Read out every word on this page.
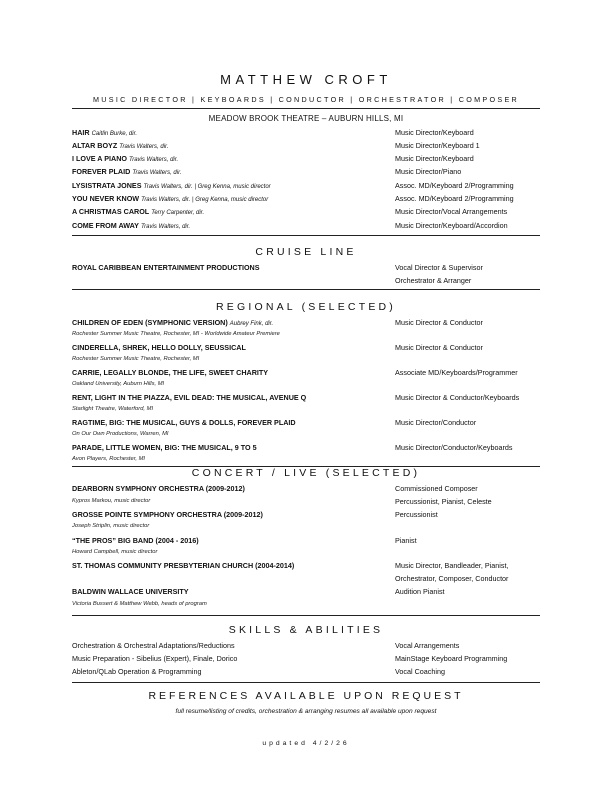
MATTHEW CROFT
MUSIC DIRECTOR | KEYBOARDS | CONDUCTOR | ORCHESTRATOR | COMPOSER
MEADOW BROOK THEATRE – AUBURN HILLS, MI
HAIR Caitlin Burke, dir.	Music Director/Keyboard
ALTAR BOYZ Travis Walters, dir.	Music Director/Keyboard 1
I LOVE A PIANO Travis Walters, dir.	Music Director/Keyboard
FOREVER PLAID Travis Walters, dir.	Music Director/Piano
LYSISTRATA JONES Travis Walters, dir. | Greg Kenna, music director	Assoc. MD/Keyboard 2/Programming
YOU NEVER KNOW Travis Walters, dir. | Greg Kenna, music director	Assoc. MD/Keyboard 2/Programming
A CHRISTMAS CAROL Terry Carpenter, dir.	Music Director/Vocal Arrangements
COME FROM AWAY Travis Walters, dir.	Music Director/Keyboard/Accordion
CRUISE LINE
ROYAL CARIBBEAN ENTERTAINMENT PRODUCTIONS	Vocal Director & Supervisor
Orchestrator & Arranger
REGIONAL (SELECTED)
CHILDREN OF EDEN (SYMPHONIC VERSION) Aubrey Fink, dir.	Music Director & Conductor
Rochester Summer Music Theatre, Rochester, MI - Worldwide Amateur Premiere
CINDERELLA, SHREK, HELLO DOLLY, SEUSSICAL	Music Director & Conductor
Rochester Summer Music Theatre, Rochester, MI
CARRIE, LEGALLY BLONDE, THE LIFE, SWEET CHARITY	Associate MD/Keyboards/Programmer
Oakland University, Auburn Hills, MI
RENT, LIGHT IN THE PIAZZA, EVIL DEAD: THE MUSICAL, AVENUE Q	Music Director & Conductor/Keyboards
Starlight Theatre, Waterford, MI
RAGTIME, BIG: THE MUSICAL, GUYS & DOLLS, FOREVER PLAID	Music Director/Conductor
On Our Own Productions, Warren, MI
PARADE, LITTLE WOMEN, BIG: THE MUSICAL, 9 TO 5	Music Director/Conductor/Keyboards
Avon Players, Rochester, MI
CONCERT / LIVE (SELECTED)
DEARBORN SYMPHONY ORCHESTRA (2009-2012)	Commissioned Composer
Kypros Markou, music director	Percussionist, Pianist, Celeste
GROSSE POINTE SYMPHONY ORCHESTRA (2009-2012)	Percussionist
Joseph Striplin, music director
“THE PROS” BIG BAND (2004 - 2016)	Pianist
Howard Campbell, music director
ST. THOMAS COMMUNITY PRESBYTERIAN CHURCH (2004-2014)	Music Director, Bandleader, Pianist,
Orchestrator, Composer, Conductor
BALDWIN WALLACE UNIVERSITY	Audition Pianist
Victoria Bussert & Matthew Webb, heads of program
SKILLS & ABILITIES
Orchestration & Orchestral Adaptations/Reductions	Vocal Arrangements
Music Preparation - Sibelius (Expert), Finale, Dorico	MainStage Keyboard Programming
Ableton/QLab Operation & Programming	Vocal Coaching
REFERENCES AVAILABLE UPON REQUEST
full resume/listing of credits, orchestration & arranging resumes all available upon request
updated 4/2/26
